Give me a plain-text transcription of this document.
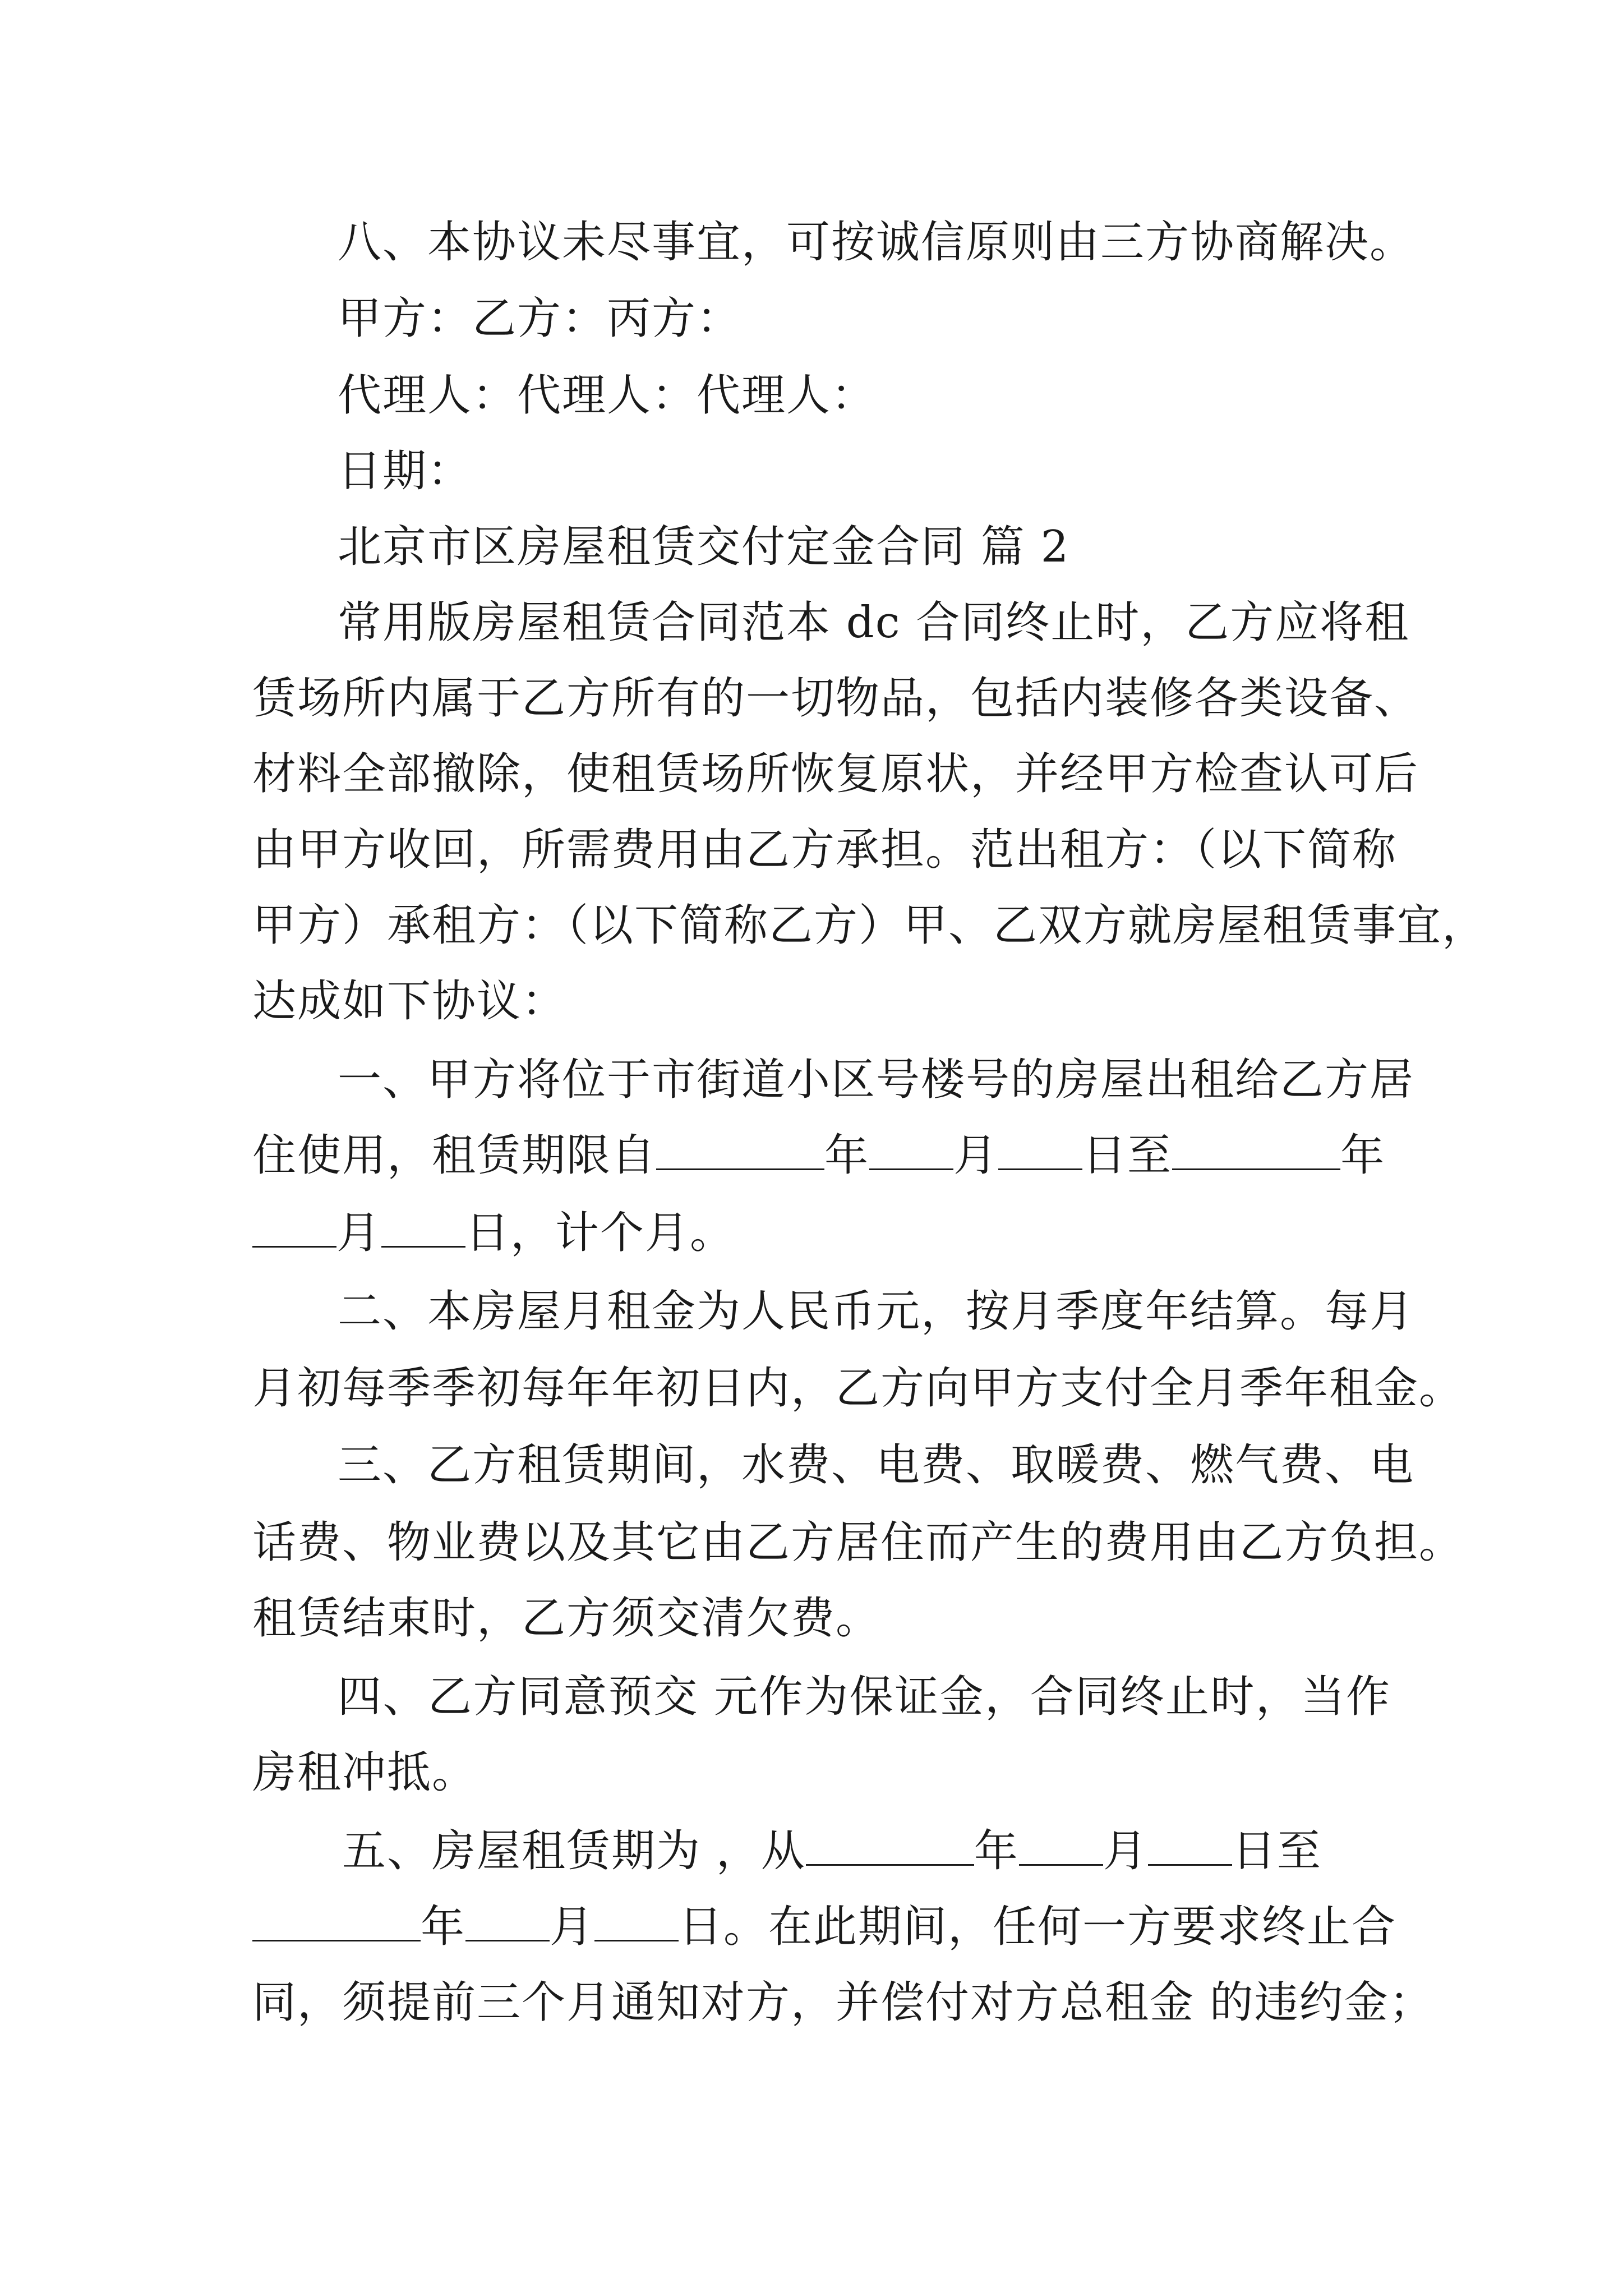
八、本协议未尽事宜，可按诚信原则由三方协商解决。
甲方：乙方：丙方：
代理人：代理人：代理人：
日期：
北京市区房屋租赁交付定金合同 篇 2
常用版房屋租赁合同范本 dc 合同终止时，乙方应将租
赁场所内属于乙方所有的一切物品，包括内装修各类设备、
材料全部撤除，使租赁场所恢复原状，并经甲方检查认可后
由甲方收回，所需费用由乙方承担。范出租方：（以下简称
甲方）承租方：（以下简称乙方）甲、乙双方就房屋租赁事宜，
达成如下协议：
一、甲方将位于市街道小区号楼号的房屋出租给乙方居
住使用，租赁期限自	年 月 日至	年
月 日，计个月。
二、本房屋月租金为人民币元，按月季度年结算。每月
月初每季季初每年年初日内，乙方向甲方支付全月季年租金。
三、乙方租赁期间，水费、电费、取暖费、燃气费、电
话费、物业费以及其它由乙方居住而产生的费用由乙方负担。
租赁结束时，乙方须交清欠费。
四、乙方同意预交 元作为保证金，合同终止时，当作
房租冲抵。
五、房屋租赁期为 ，从	年 月 日至
年 月 日。在此期间，任何一方要求终止合
同，须提前三个月通知对方，并偿付对方总租金 的违约金；
